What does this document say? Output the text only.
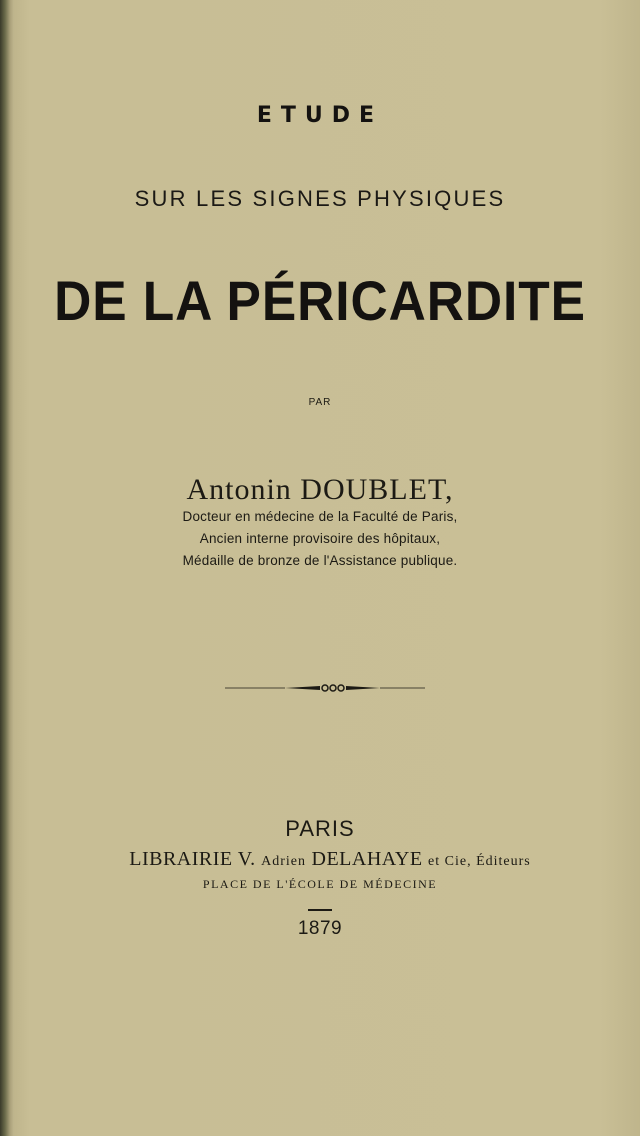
ETUDE
SUR LES SIGNES PHYSIQUES
DE LA PÉRICARDITE
PAR
Antonin DOUBLET,
Docteur en médecine de la Faculté de Paris,
Ancien interne provisoire des hôpitaux,
Médaille de bronze de l'Assistance publique.
PARIS
LIBRAIRIE V. Adrien DELAHAYE et Cie, Éditeurs
PLACE DE L'ÉCOLE DE MÉDECINE
1879
